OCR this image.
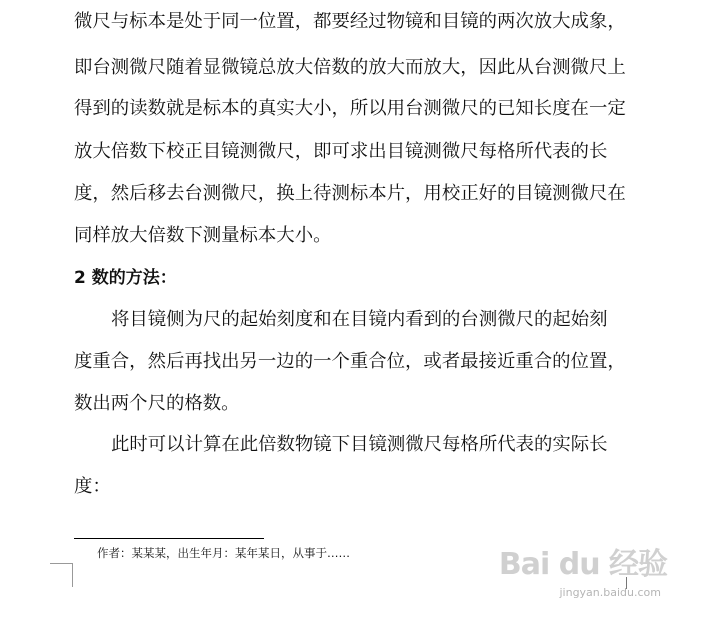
微尺与标本是处于同一位置，都要经过物镜和目镜的两次放大成象，
即台测微尺随着显微镜总放大倍数的放大而放大，因此从台测微尺上
得到的读数就是标本的真实大小，所以用台测微尺的已知长度在一定
放大倍数下校正目镜测微尺，即可求出目镜测微尺每格所代表的长
度，然后移去台测微尺，换上待测标本片，用校正好的目镜测微尺在
同样放大倍数下测量标本大小。
2 数的方法：
将目镜侧为尺的起始刻度和在目镜内看到的台测微尺的起始刻
度重合，然后再找出另一边的一个重合位，或者最接近重合的位置，
数出两个尺的格数。
此时可以计算在此倍数物镜下目镜测微尺每格所代表的实际长
度：
作者：某某某，出生年月：某年某日，从事于……	Bai du 经验
jingyan.baidu.com
